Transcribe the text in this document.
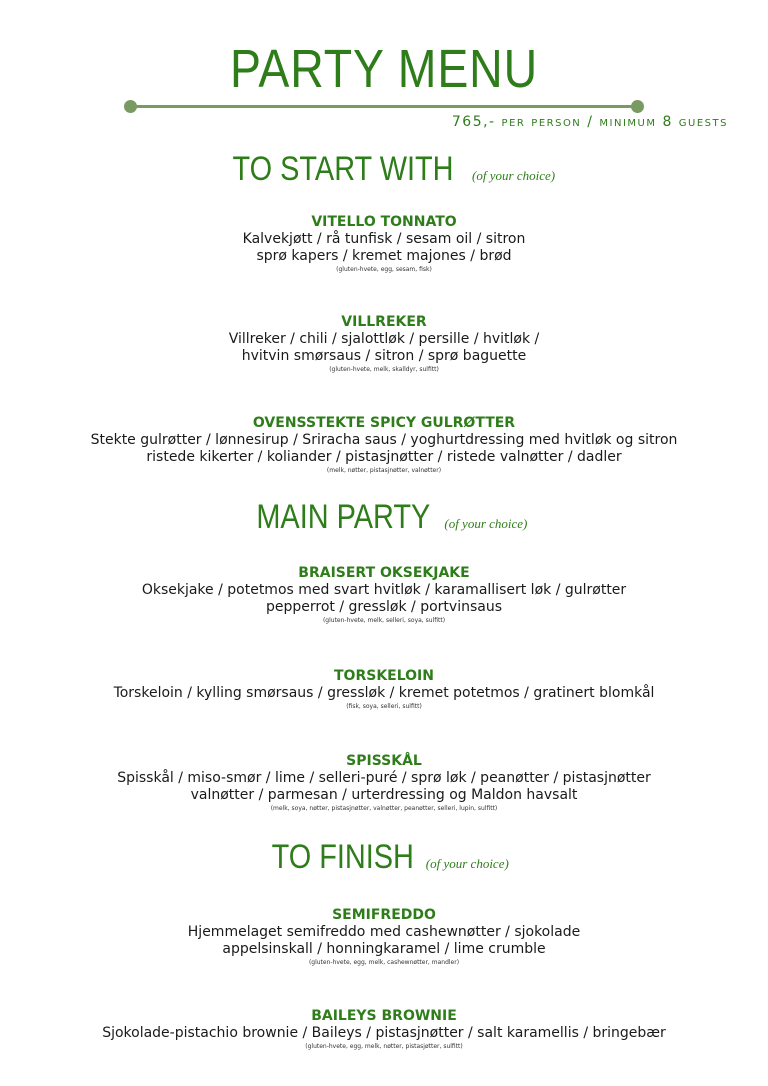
PARTY MENU
765,- per person / minimum 8 guests
TO START WITH (of your choice)
VITELLO TONNATO
Kalvekjøtt / rå tunfisk / sesam oil / sitron
sprø kapers / kremet majones / brød
(gluten-hvete, egg, sesam, fisk)
VILLREKER
Villreker / chili / sjalottløk / persille / hvitløk /
hvitvin smørsaus / sitron / sprø baguette
(gluten-hvete, melk, skalldyr, sulfitt)
OVENSSTEKTE SPICY GULRØTTER
Stekte gulrøtter / lønnesirup / Sriracha saus / yoghurtdressing med hvitløk og sitron
ristede kikerter / koliander / pistasjnøtter / ristede valnøtter / dadler
(melk, nøtter, pistasjnøtter, valnøtter)
MAIN PARTY (of your choice)
BRAISERT OKSEKJAKE
Oksekjake / potetmos med svart hvitløk / karamallisert løk / gulrøtter
pepperrot / gressløk / portvinsaus
(gluten-hvete, melk, selleri, soya, sulfitt)
TORSKELOIN
Torskeloin / kylling smørsaus / gressløk / kremet potetmos / gratinert blomkål
(fisk, soya, selleri, sulfitt)
SPISSKÅL
Spisskål / miso-smør / lime / selleri-puré / sprø løk / peanøtter / pistasjnøtter
valnøtter / parmesan / urterdressing og Maldon havsalt
(melk, soya, nøtter, pistasjnøtter, valnøtter, peanøtter, selleri, lupin, sulfitt)
TO FINISH (of your choice)
SEMIFREDDO
Hjemmelaget semifreddo med cashewnøtter / sjokolade
appelsinskall / honningkaramel / lime crumble
(gluten-hvete, egg, melk, cashewnøtter, mandler)
BAILEYS BROWNIE
Sjokolade-pistachio brownie / Baileys / pistasjnøtter / salt karamellis / bringebær
(gluten-hvete, egg, melk, nøtter, pistasjøtter, sulfitt)
